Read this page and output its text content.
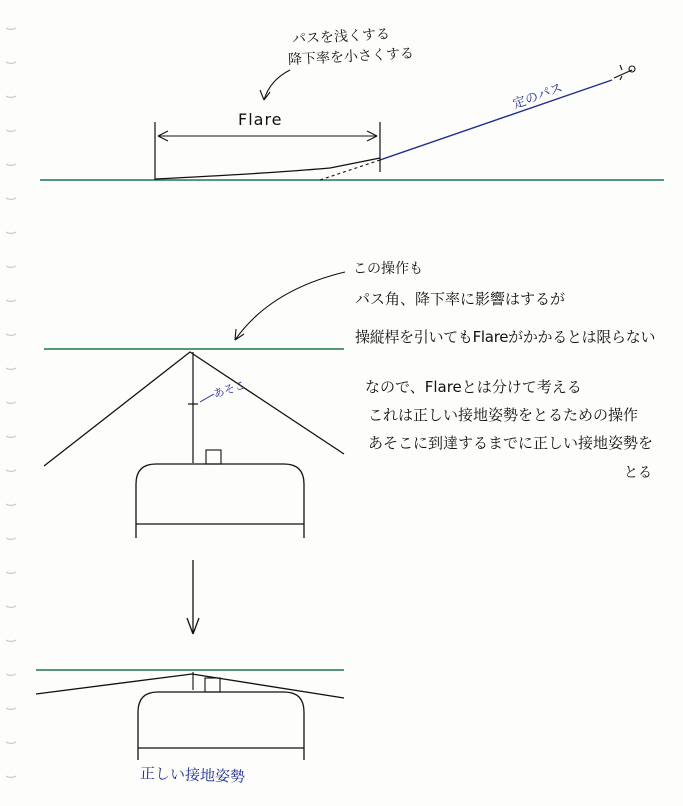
パスを浅くする
降下率を小さくする
Flare
定のパス
この操作も
パス角、降下率に影響はするが
操縦桿を引いてもFlareがかかるとは限らない
なので、Flareとは分けて考える
これは正しい接地姿勢をとるための操作
あそこに到達するまでに正しい接地姿勢を
とる
あそこ
正しい接地姿勢
